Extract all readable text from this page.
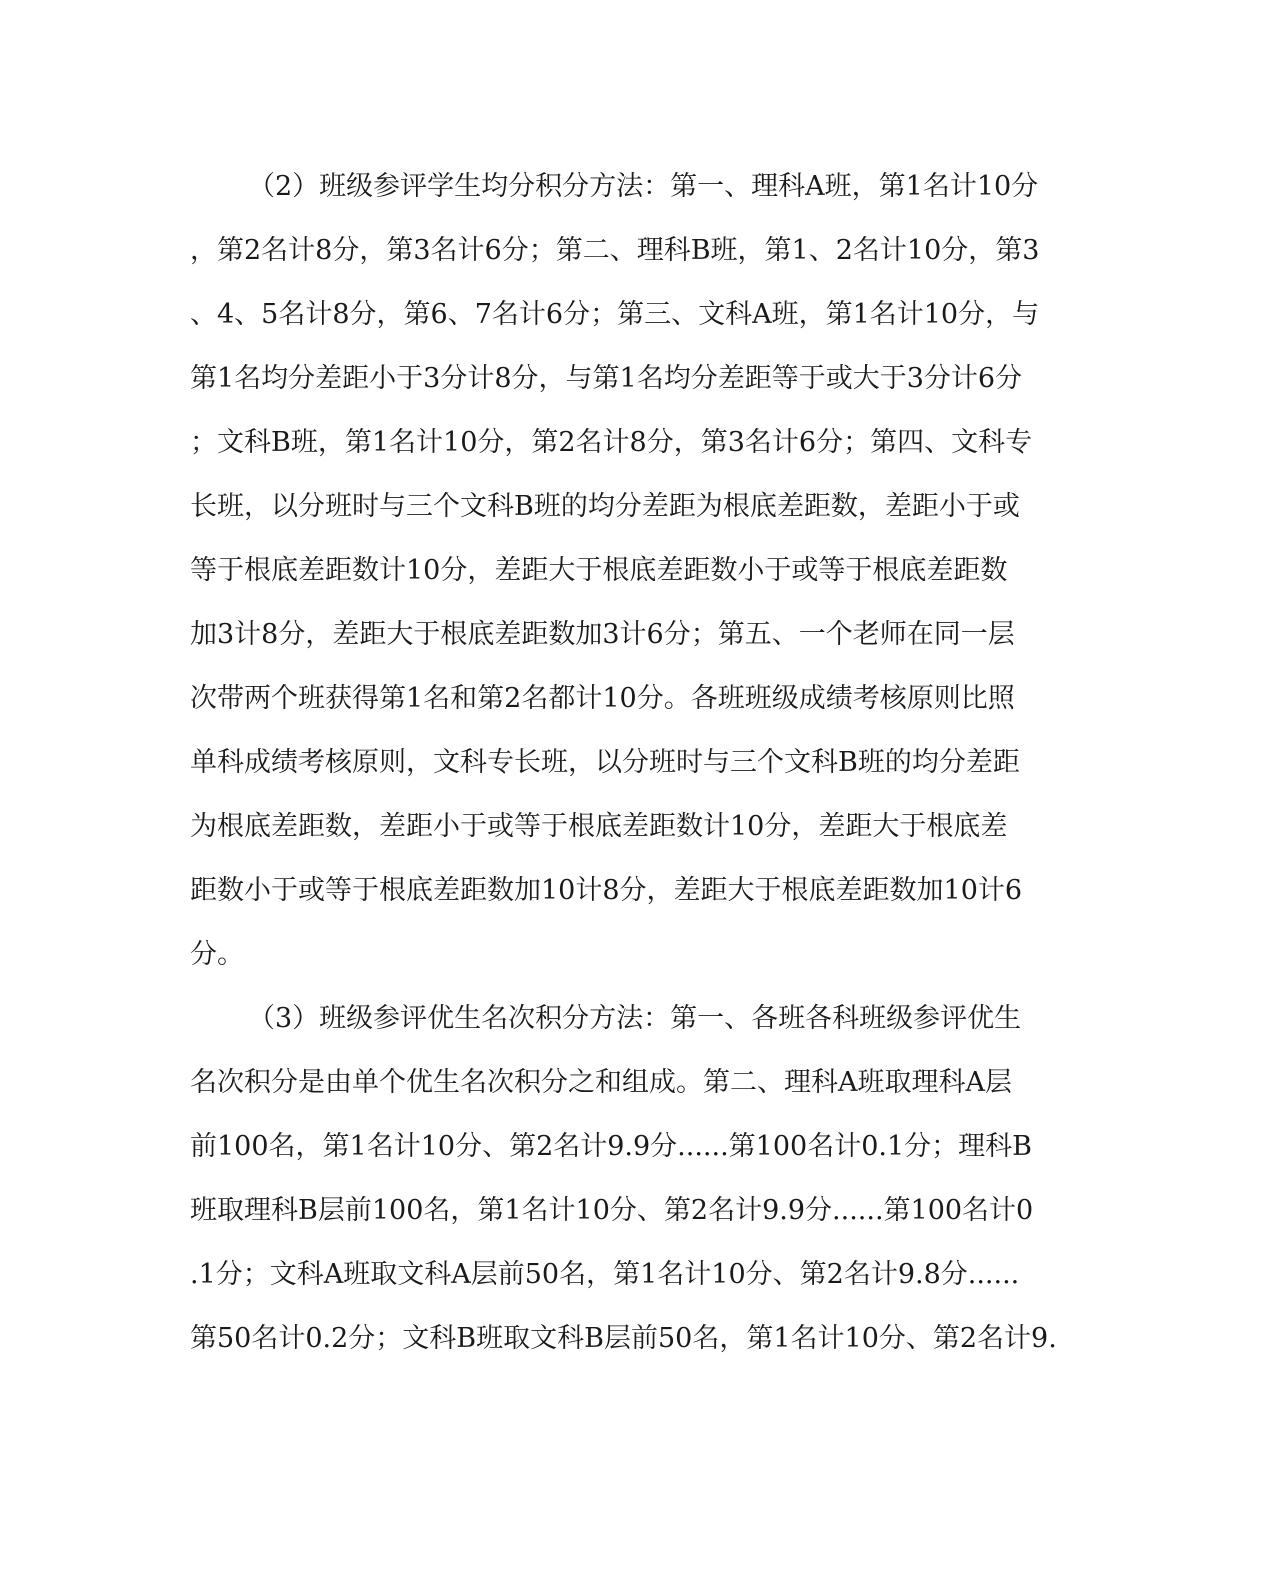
（2）班级参评学生均分积分方法：第一、理科A班，第1名计10分
，第2名计8分，第3名计6分；第二、理科B班，第1、2名计10分，第3
、4、5名计8分，第6、7名计6分；第三、文科A班，第1名计10分，与
第1名均分差距小于3分计8分，与第1名均分差距等于或大于3分计6分
；文科B班，第1名计10分，第2名计8分，第3名计6分；第四、文科专
长班，以分班时与三个文科B班的均分差距为根底差距数，差距小于或
等于根底差距数计10分，差距大于根底差距数小于或等于根底差距数
加3计8分，差距大于根底差距数加3计6分；第五、一个老师在同一层
次带两个班获得第1名和第2名都计10分。各班班级成绩考核原则比照
单科成绩考核原则，文科专长班，以分班时与三个文科B班的均分差距
为根底差距数，差距小于或等于根底差距数计10分，差距大于根底差
距数小于或等于根底差距数加10计8分，差距大于根底差距数加10计6
分。
（3）班级参评优生名次积分方法：第一、各班各科班级参评优生
名次积分是由单个优生名次积分之和组成。第二、理科A班取理科A层
前100名，第1名计10分、第2名计9.9分......第100名计0.1分；理科B
班取理科B层前100名，第1名计10分、第2名计9.9分......第100名计0
.1分；文科A班取文科A层前50名，第1名计10分、第2名计9.8分......
第50名计0.2分；文科B班取文科B层前50名，第1名计10分、第2名计9.
